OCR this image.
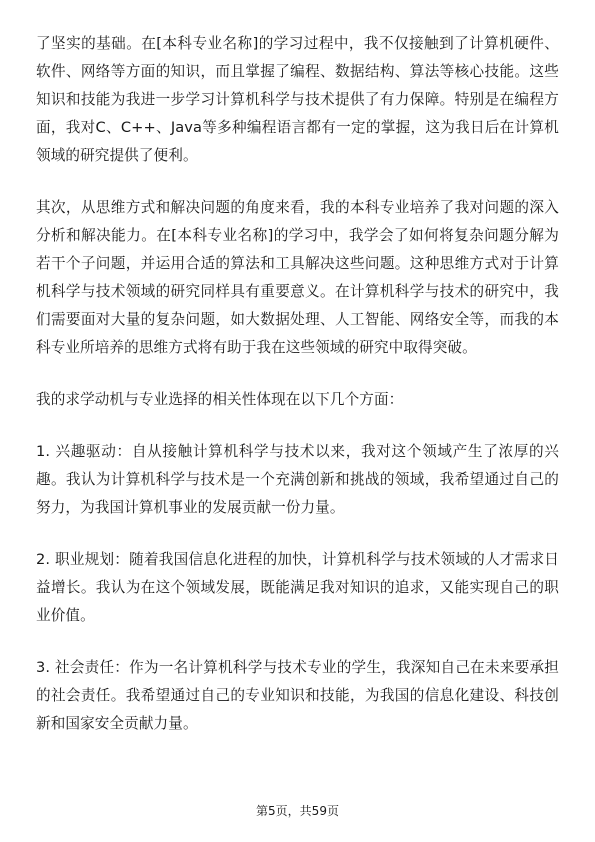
了坚实的基础。在[本科专业名称]的学习过程中，我不仅接触到了计算机硬件、软件、网络等方面的知识，而且掌握了编程、数据结构、算法等核心技能。这些知识和技能为我进一步学习计算机科学与技术提供了有力保障。特别是在编程方面，我对C、C++、Java等多种编程语言都有一定的掌握，这为我日后在计算机领域的研究提供了便利。

其次，从思维方式和解决问题的角度来看，我的本科专业培养了我对问题的深入分析和解决能力。在[本科专业名称]的学习中，我学会了如何将复杂问题分解为若干个子问题，并运用合适的算法和工具解决这些问题。这种思维方式对于计算机科学与技术领域的研究同样具有重要意义。在计算机科学与技术的研究中，我们需要面对大量的复杂问题，如大数据处理、人工智能、网络安全等，而我的本科专业所培养的思维方式将有助于我在这些领域的研究中取得突破。

我的求学动机与专业选择的相关性体现在以下几个方面：

1. 兴趣驱动：自从接触计算机科学与技术以来，我对这个领域产生了浓厚的兴趣。我认为计算机科学与技术是一个充满创新和挑战的领域，我希望通过自己的努力，为我国计算机事业的发展贡献一份力量。

2. 职业规划：随着我国信息化进程的加快，计算机科学与技术领域的人才需求日益增长。我认为在这个领域发展，既能满足我对知识的追求，又能实现自己的职业价值。

3. 社会责任：作为一名计算机科学与技术专业的学生，我深知自己在未来要承担的社会责任。我希望通过自己的专业知识和技能，为我国的信息化建设、科技创新和国家安全贡献力量。

第5页，共59页
